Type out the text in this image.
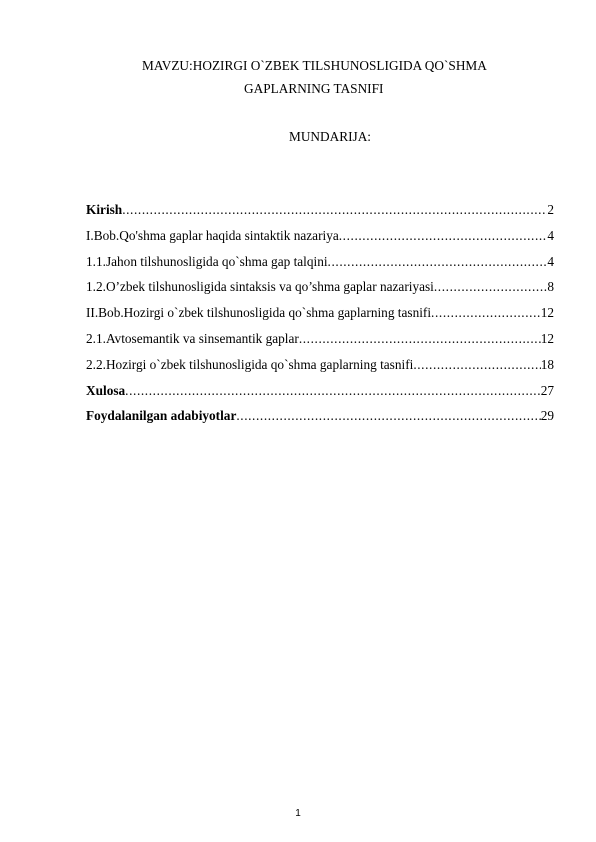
MAVZU:HOZIRGI O`ZBEK TILSHUNOSLIGIDA QO`SHMA
GAPLARNING TASNIFI
MUNDARIJA:
Kirish .....	2
I.Bob.Qo'shma gaplar haqida sintaktik nazariya .....	4
1.1.Jahon tilshunosligida qo`shma gap talqini .....	4
1.2.O’zbek tilshunosligida sintaksis va qo’shma gaplar nazariyasi .....	8
II.Bob.Hozirgi o`zbek tilshunosligida qo`shma gaplarning tasnifi .....	12
2.1.Avtosemantik va sinsemantik gaplar .....	12
2.2.Hozirgi o`zbek tilshunosligida qo`shma gaplarning tasnifi .....	18
Xulosa .....	27
Foydalanilgan adabiyotlar .....	29
1
